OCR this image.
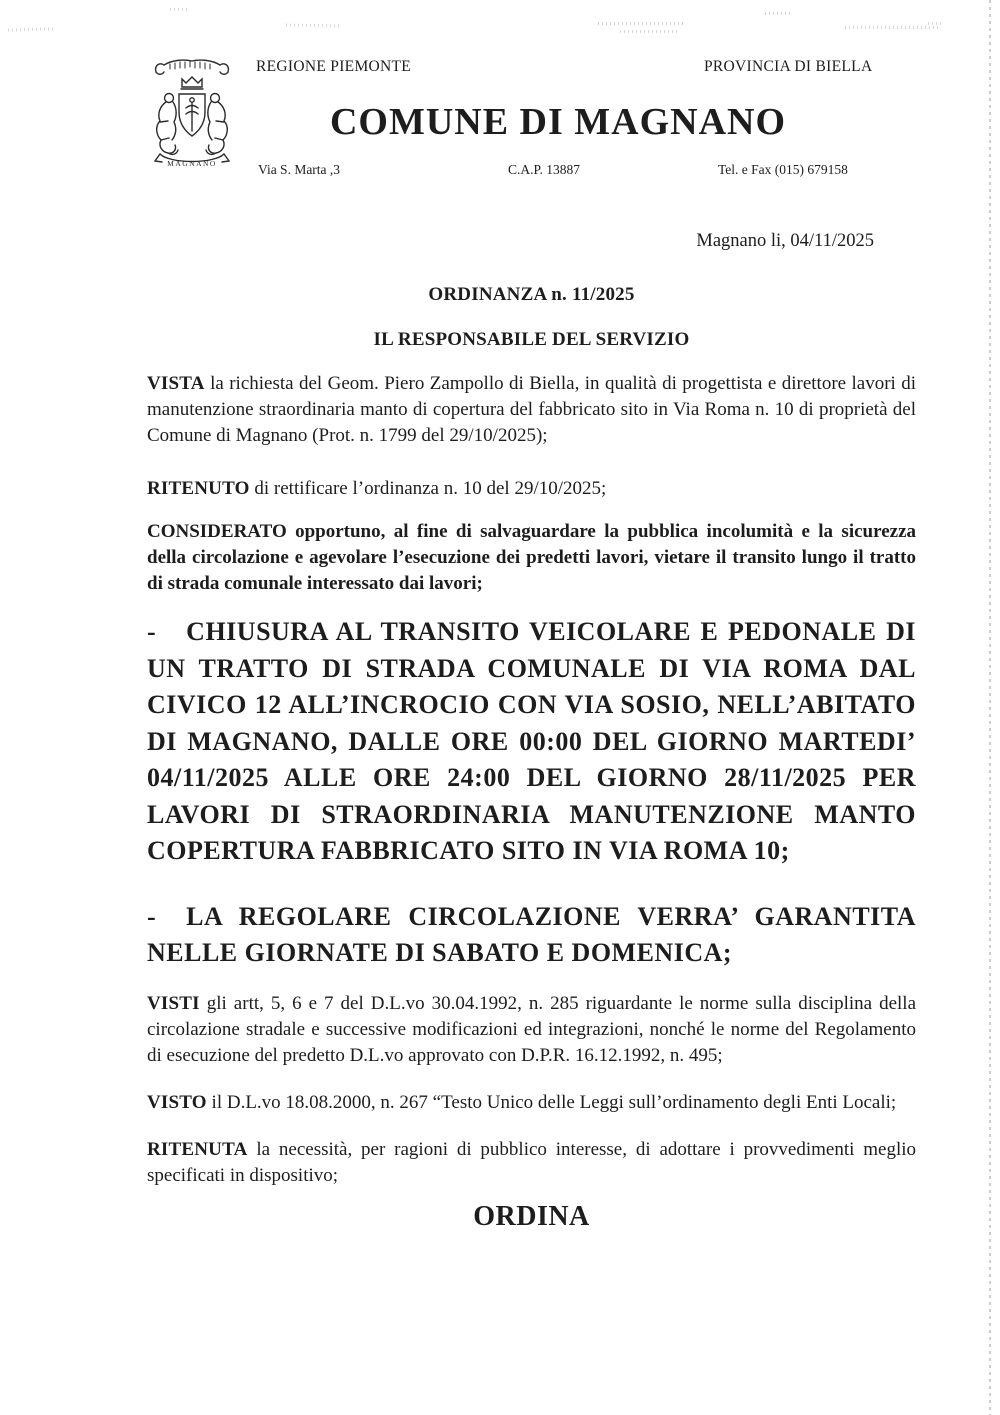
MAGNANO
REGIONE PIEMONTE	PROVINCIA DI BIELLA
COMUNE DI MAGNANO
Via S. Marta ,3	C.A.P. 13887	Tel. e Fax (015) 679158
Magnano li, 04/11/2025
ORDINANZA n. 11/2025
IL RESPONSABILE DEL SERVIZIO

VISTA la richiesta del Geom. Piero Zampollo di Biella, in qualità di progettista e direttore lavori di manutenzione straordinaria manto di copertura del fabbricato sito in Via Roma n. 10 di proprietà del Comune di Magnano (Prot. n. 1799 del 29/10/2025);

RITENUTO di rettificare l’ordinanza n. 10 del 29/10/2025;

CONSIDERATO opportuno, al fine di salvaguardare la pubblica incolumità e la sicurezza della circolazione e agevolare l’esecuzione dei predetti lavori, vietare il transito lungo il tratto di strada comunale interessato dai lavori;

- CHIUSURA AL TRANSITO VEICOLARE E PEDONALE DI UN TRATTO DI STRADA COMUNALE DI VIA ROMA DAL CIVICO 12 ALL’INCROCIO CON VIA SOSIO, NELL’ABITATO DI MAGNANO, DALLE ORE 00:00 DEL GIORNO MARTEDI’ 04/11/2025 ALLE ORE 24:00 DEL GIORNO 28/11/2025 PER LAVORI DI STRAORDINARIA MANUTENZIONE MANTO COPERTURA FABBRICATO SITO IN VIA ROMA 10;

- LA REGOLARE CIRCOLAZIONE VERRA’ GARANTITA NELLE GIORNATE DI SABATO E DOMENICA;

VISTI gli artt, 5, 6 e 7 del D.L.vo 30.04.1992, n. 285 riguardante le norme sulla disciplina della circolazione stradale e successive modificazioni ed integrazioni, nonché le norme del Regolamento di esecuzione del predetto D.L.vo approvato con D.P.R. 16.12.1992, n. 495;

VISTO il D.L.vo 18.08.2000, n. 267 “Testo Unico delle Leggi sull’ordinamento degli Enti Locali;

RITENUTA la necessità, per ragioni di pubblico interesse, di adottare i provvedimenti meglio specificati in dispositivo;

ORDINA
